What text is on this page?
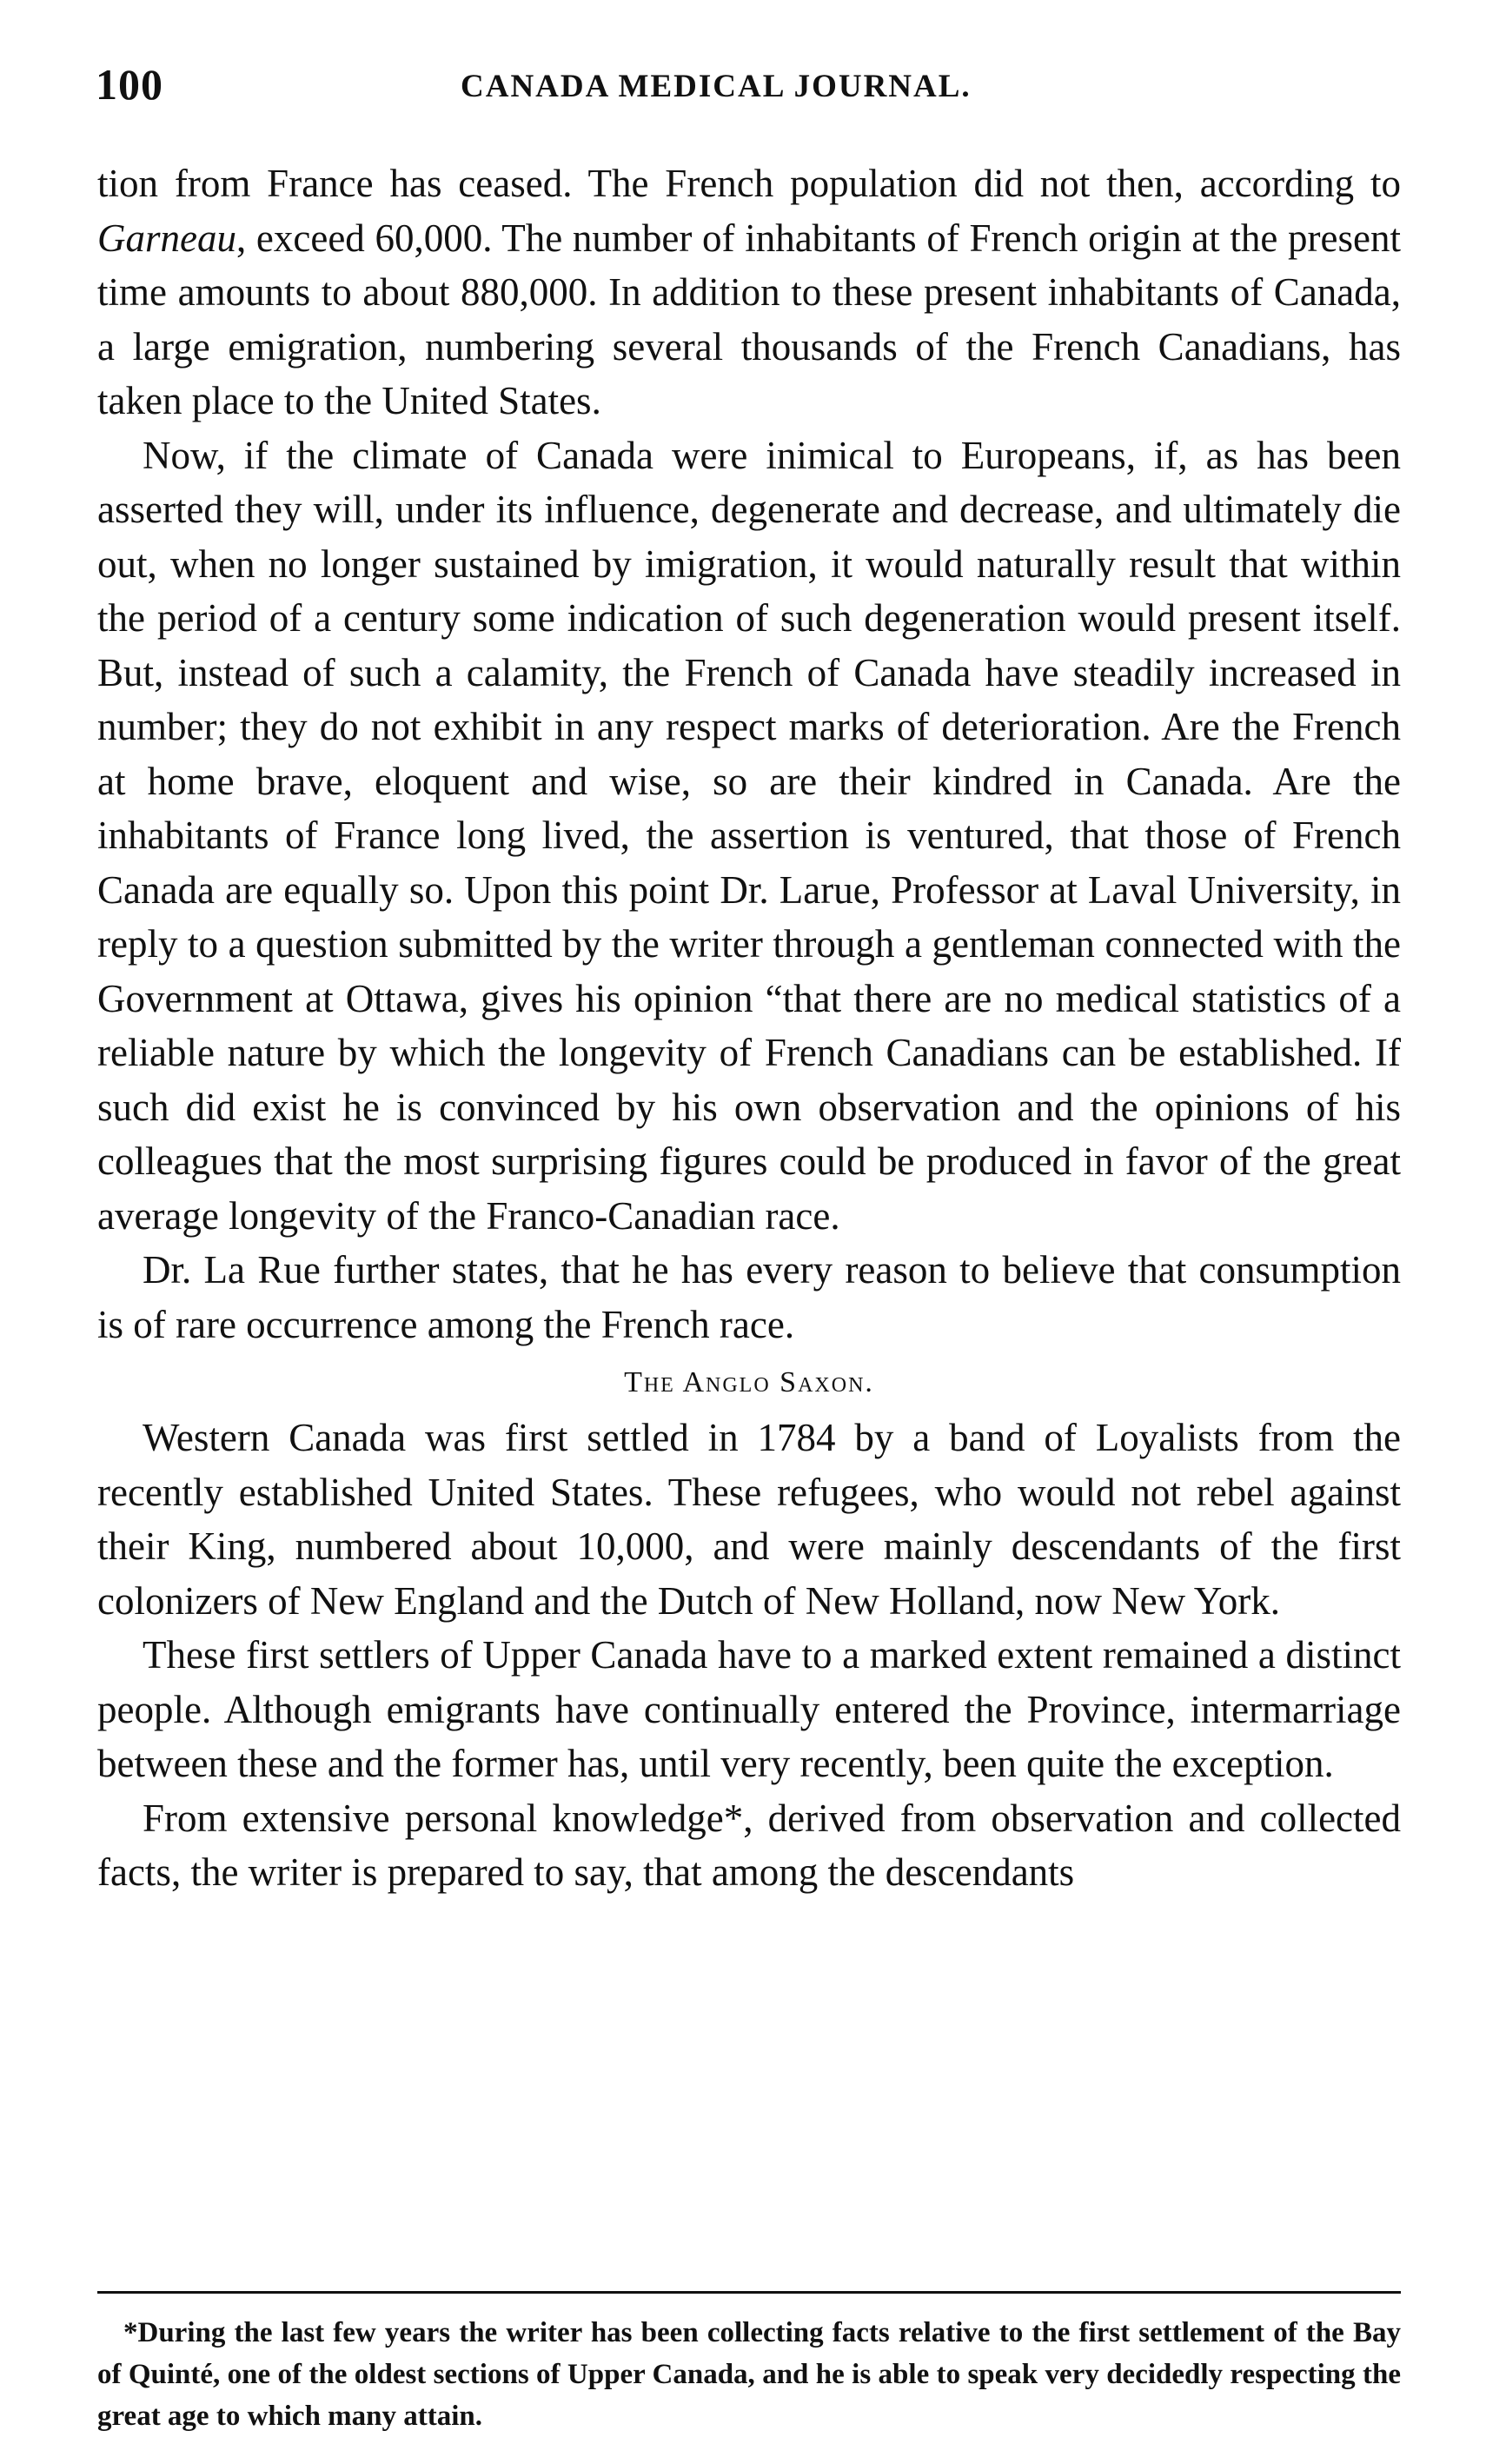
100	CANADA MEDICAL JOURNAL.

tion from France has ceased. The French population did not then, according to Garneau, exceed 60,000. The number of inhabitants of French origin at the present time amounts to about 880,000. In addition to these present inhabitants of Canada, a large emigration, numbering several thousands of the French Canadians, has taken place to the United States.

Now, if the climate of Canada were inimical to Europeans, if, as has been asserted they will, under its influence, degenerate and decrease, and ultimately die out, when no longer sustained by imigration, it would naturally result that within the period of a century some indication of such degeneration would present itself. But, instead of such a calamity, the French of Canada have steadily increased in number; they do not exhibit in any respect marks of deterioration. Are the French at home brave, eloquent and wise, so are their kindred in Canada. Are the inhabitants of France long lived, the assertion is ventured, that those of French Canada are equally so. Upon this point Dr. Larue, Professor at Laval University, in reply to a question submitted by the writer through a gentleman connected with the Government at Ottawa, gives his opinion “that there are no medical statistics of a reliable nature by which the longevity of French Canadians can be established. If such did exist he is convinced by his own observation and the opinions of his colleagues that the most surprising figures could be produced in favor of the great average longevity of the Franco-Canadian race.

Dr. La Rue further states, that he has every reason to believe that consumption is of rare occurrence among the French race.

The Anglo Saxon.

Western Canada was first settled in 1784 by a band of Loyalists from the recently established United States. These refugees, who would not rebel against their King, numbered about 10,000, and were mainly descendants of the first colonizers of New England and the Dutch of New Holland, now New York.

These first settlers of Upper Canada have to a marked extent remained a distinct people. Although emigrants have continually entered the Province, intermarriage between these and the former has, until very recently, been quite the exception.

From extensive personal knowledge*, derived from observation and collected facts, the writer is prepared to say, that among the descendants

*During the last few years the writer has been collecting facts relative to the first settlement of the Bay of Quinté, one of the oldest sections of Upper Canada, and he is able to speak very decidedly respecting the great age to which many attain.
